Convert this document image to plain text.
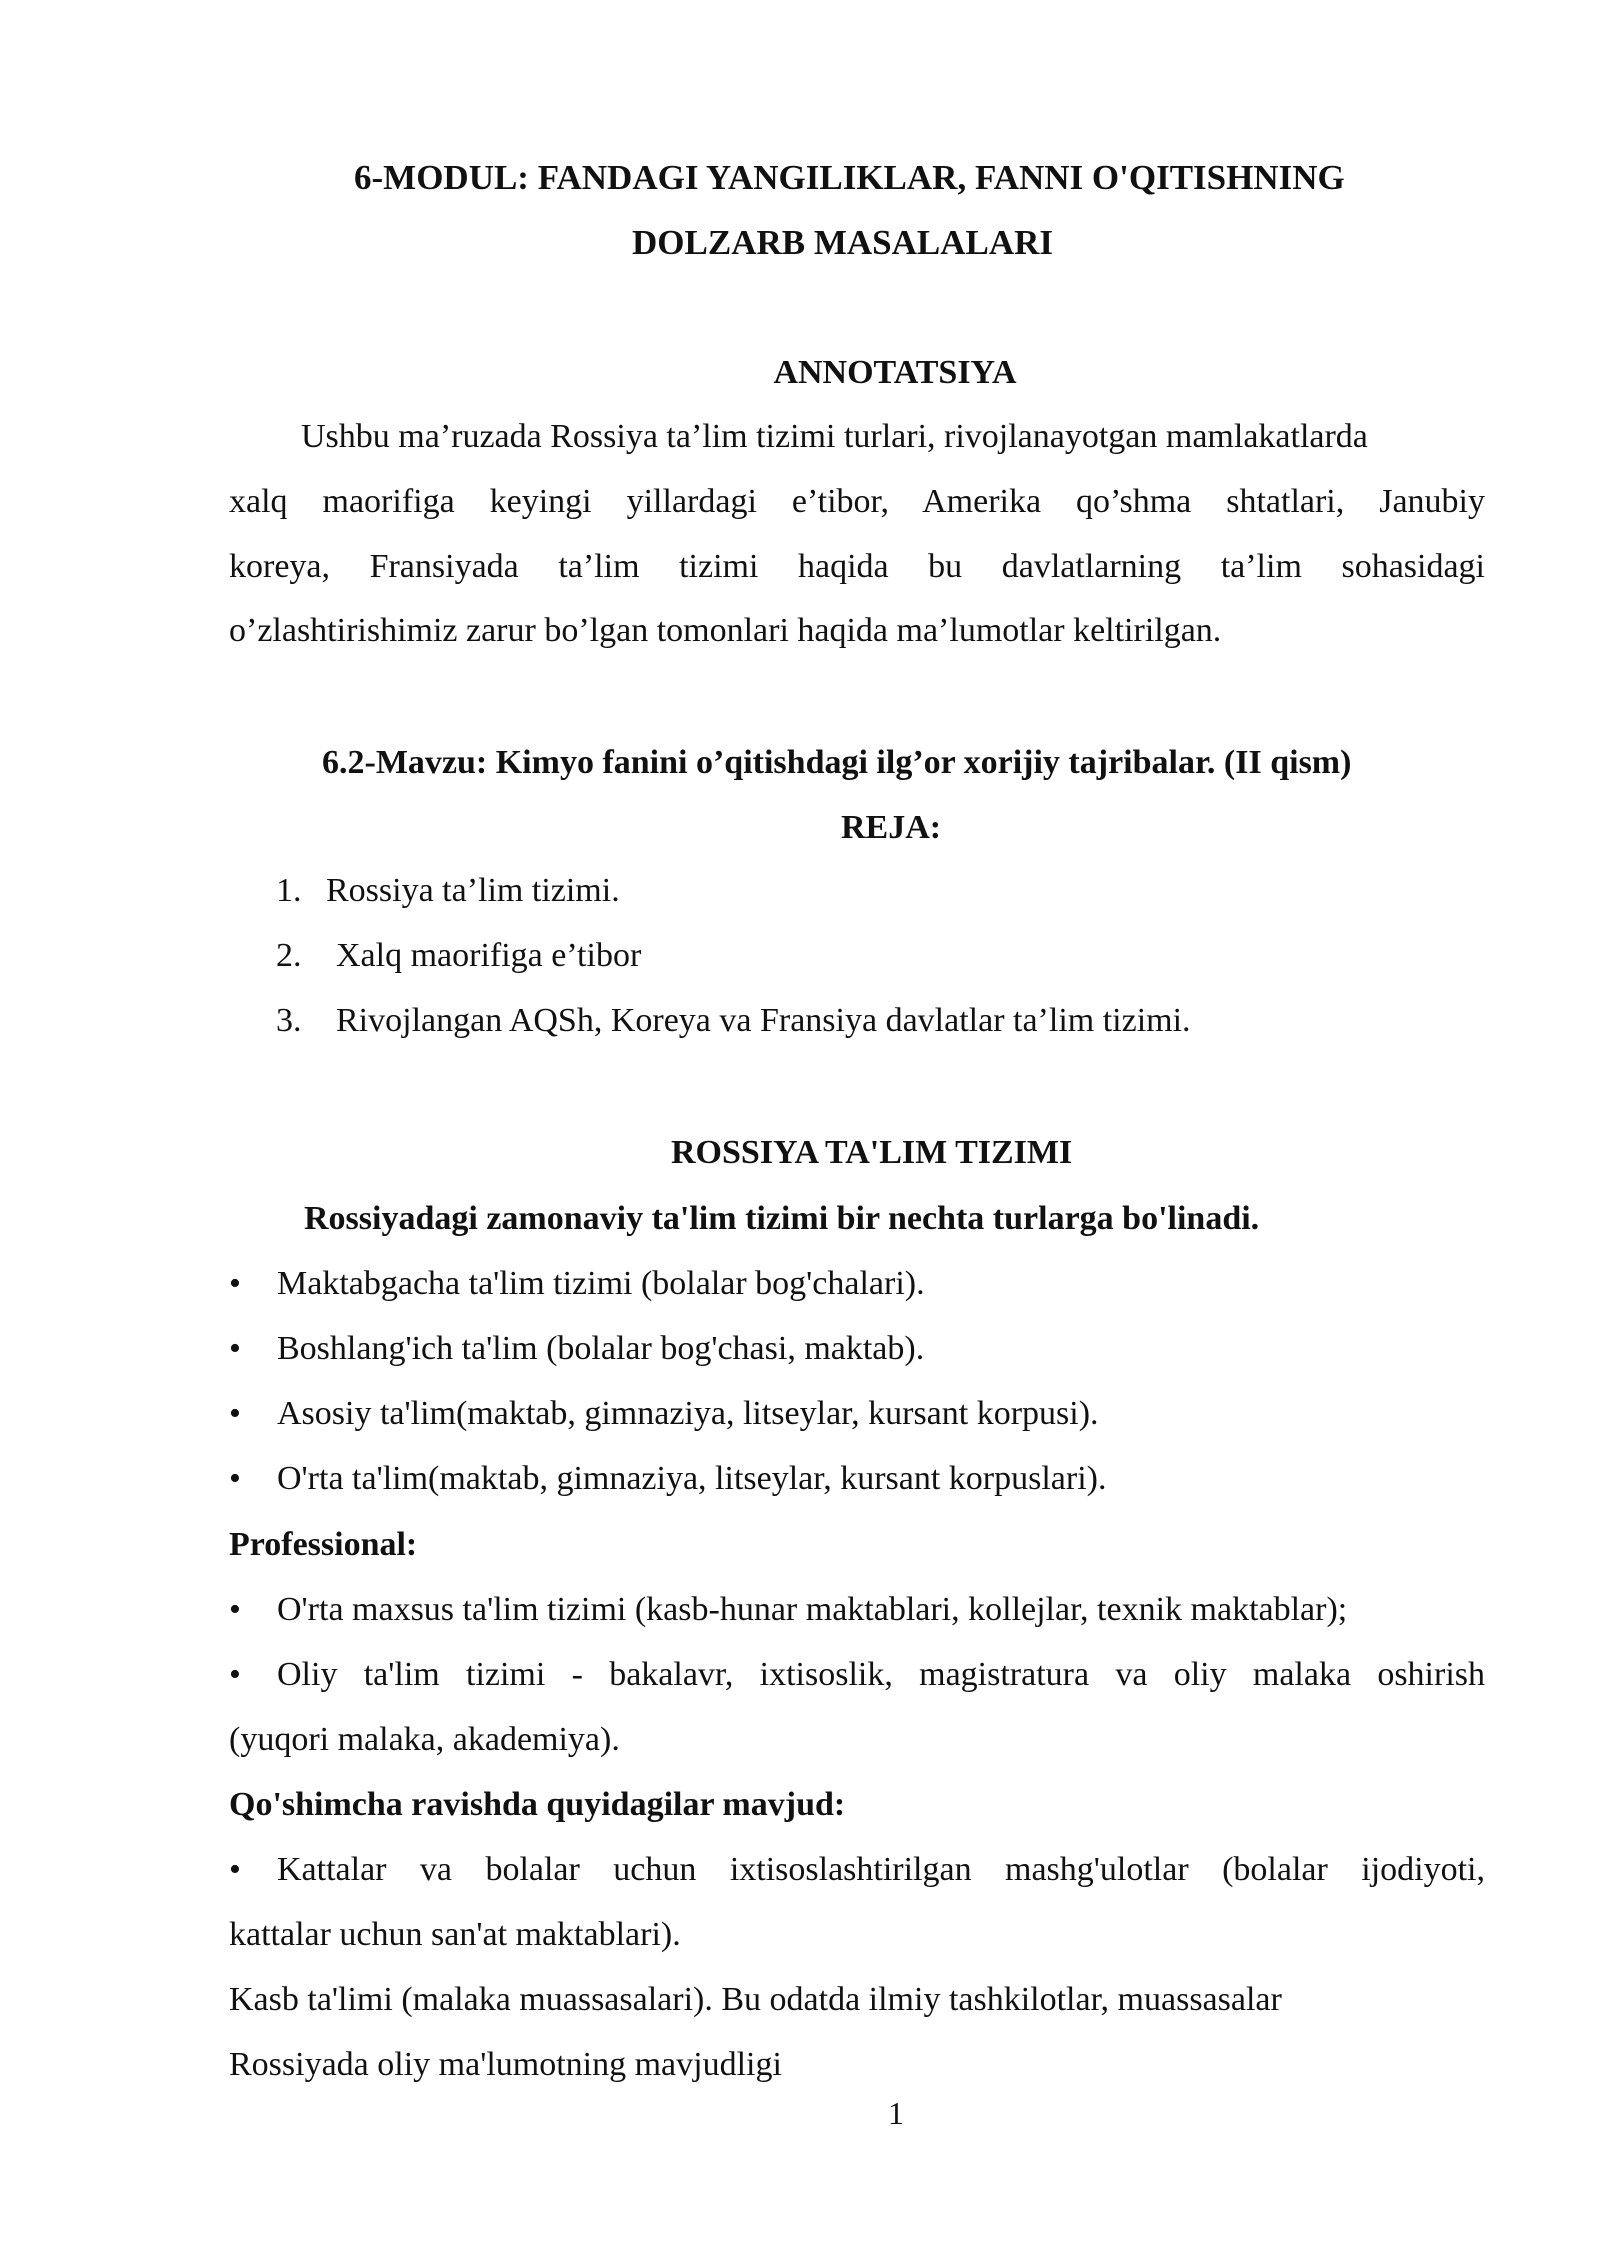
6-MODUL: FANDAGI YANGILIKLAR, FANNI O'QITISHNING
DOLZARB MASALALARI
ANNOTATSIYA
Ushbu ma’ruzada Rossiya ta’lim tizimi turlari, rivojlanayotgan mamlakatlarda
xalq maorifiga keyingi yillardagi e’tibor, Amerika qo’shma shtatlari, Janubiy
koreya, Fransiyada ta’lim tizimi haqida bu davlatlarning ta’lim sohasidagi
o’zlashtirishimiz zarur bo’lgan tomonlari haqida ma’lumotlar keltirilgan.
6.2-Mavzu: Kimyo fanini o’qitishdagi ilg’or xorijiy tajribalar. (II qism)
REJA:
1. Rossiya ta’lim tizimi.
2. Xalq maorifiga e’tibor
3. Rivojlangan AQSh, Koreya va Fransiya davlatlar ta’lim tizimi.
ROSSIYA TA'LIM TIZIMI
Rossiyadagi zamonaviy ta'lim tizimi bir nechta turlarga bo'linadi.
• Maktabgacha ta'lim tizimi (bolalar bog'chalari).
• Boshlang'ich ta'lim (bolalar bog'chasi, maktab).
• Asosiy ta'lim(maktab, gimnaziya, litseylar, kursant korpusi).
• O'rta ta'lim(maktab, gimnaziya, litseylar, kursant korpuslari).
Professional:
• O'rta maxsus ta'lim tizimi (kasb-hunar maktablari, kollejlar, texnik maktablar);
• Oliy ta'lim tizimi - bakalavr, ixtisoslik, magistratura va oliy malaka oshirish
(yuqori malaka, akademiya).
Qo'shimcha ravishda quyidagilar mavjud:
• Kattalar va bolalar uchun ixtisoslashtirilgan mashg'ulotlar (bolalar ijodiyoti,
kattalar uchun san'at maktablari).
Kasb ta'limi (malaka muassasalari). Bu odatda ilmiy tashkilotlar, muassasalar
Rossiyada oliy ma'lumotning mavjudligi
1
